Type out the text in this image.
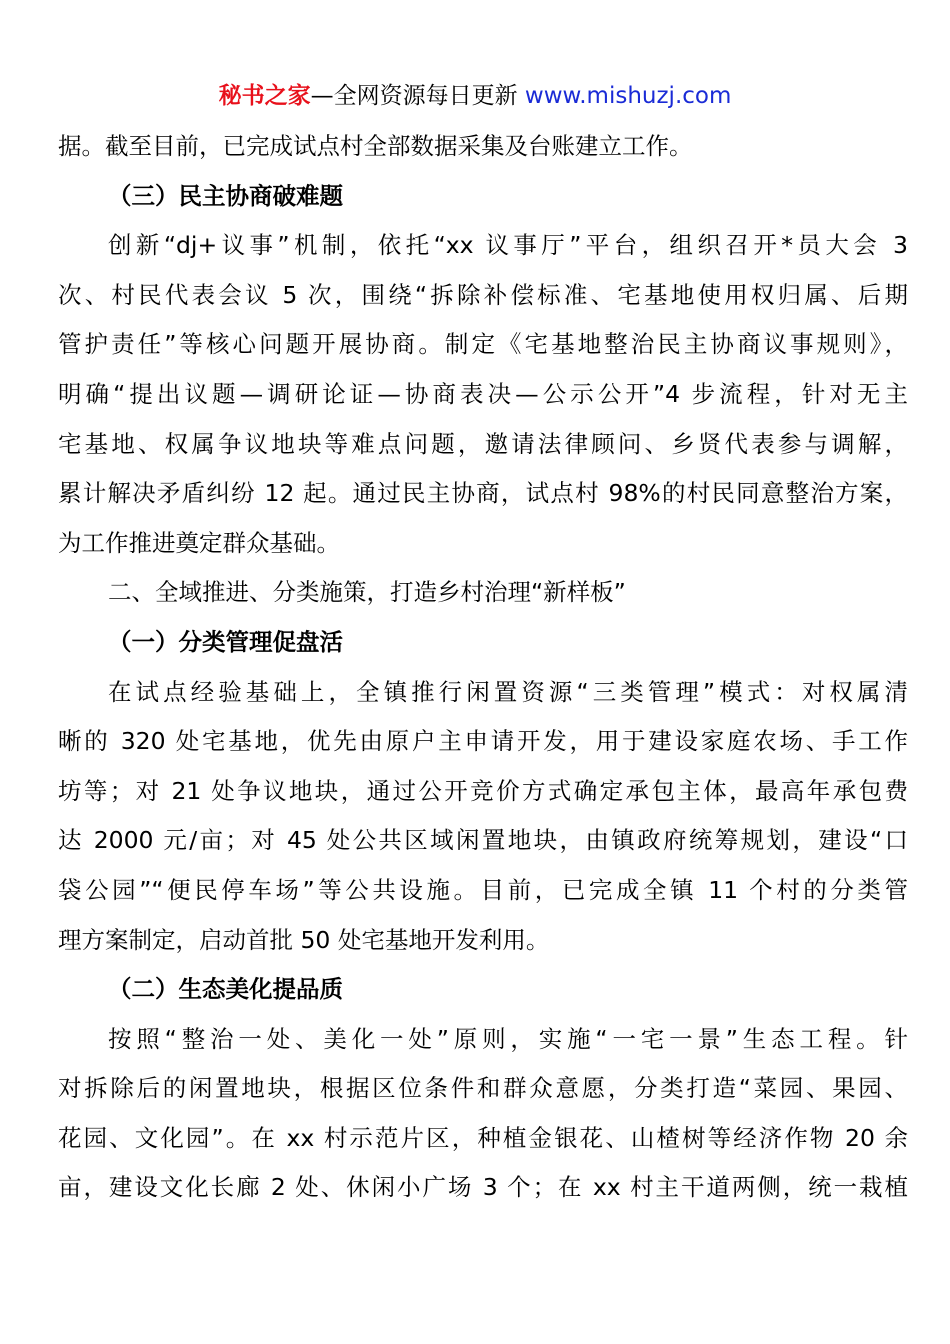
秘书之家—全网资源每日更新 www.mishuzj.com
据。截至目前，已完成试点村全部数据采集及台账建立工作。
（三）民主协商破难题
创新“dj+议事”机制，依托“xx 议事厅”平台，组织召开*员大会 3
次、村民代表会议 5 次，围绕“拆除补偿标准、宅基地使用权归属、后期
管护责任”等核心问题开展协商。制定《宅基地整治民主协商议事规则》，
明确“提出议题—调研论证—协商表决—公示公开”4 步流程，针对无主
宅基地、权属争议地块等难点问题，邀请法律顾问、乡贤代表参与调解，
累计解决矛盾纠纷 12 起。通过民主协商，试点村 98%的村民同意整治方案，
为工作推进奠定群众基础。
二、全域推进、分类施策，打造乡村治理“新样板”
（一）分类管理促盘活
在试点经验基础上，全镇推行闲置资源“三类管理”模式：对权属清
晰的 320 处宅基地，优先由原户主申请开发，用于建设家庭农场、手工作
坊等；对 21 处争议地块，通过公开竞价方式确定承包主体，最高年承包费
达 2000 元/亩；对 45 处公共区域闲置地块，由镇政府统筹规划，建设“口
袋公园”“便民停车场”等公共设施。目前，已完成全镇 11 个村的分类管
理方案制定，启动首批 50 处宅基地开发利用。
（二）生态美化提品质
按照“整治一处、美化一处”原则，实施“一宅一景”生态工程。针
对拆除后的闲置地块，根据区位条件和群众意愿，分类打造“菜园、果园、
花园、文化园”。在 xx 村示范片区，种植金银花、山楂树等经济作物 20 余
亩，建设文化长廊 2 处、休闲小广场 3 个；在 xx 村主干道两侧，统一栽植
